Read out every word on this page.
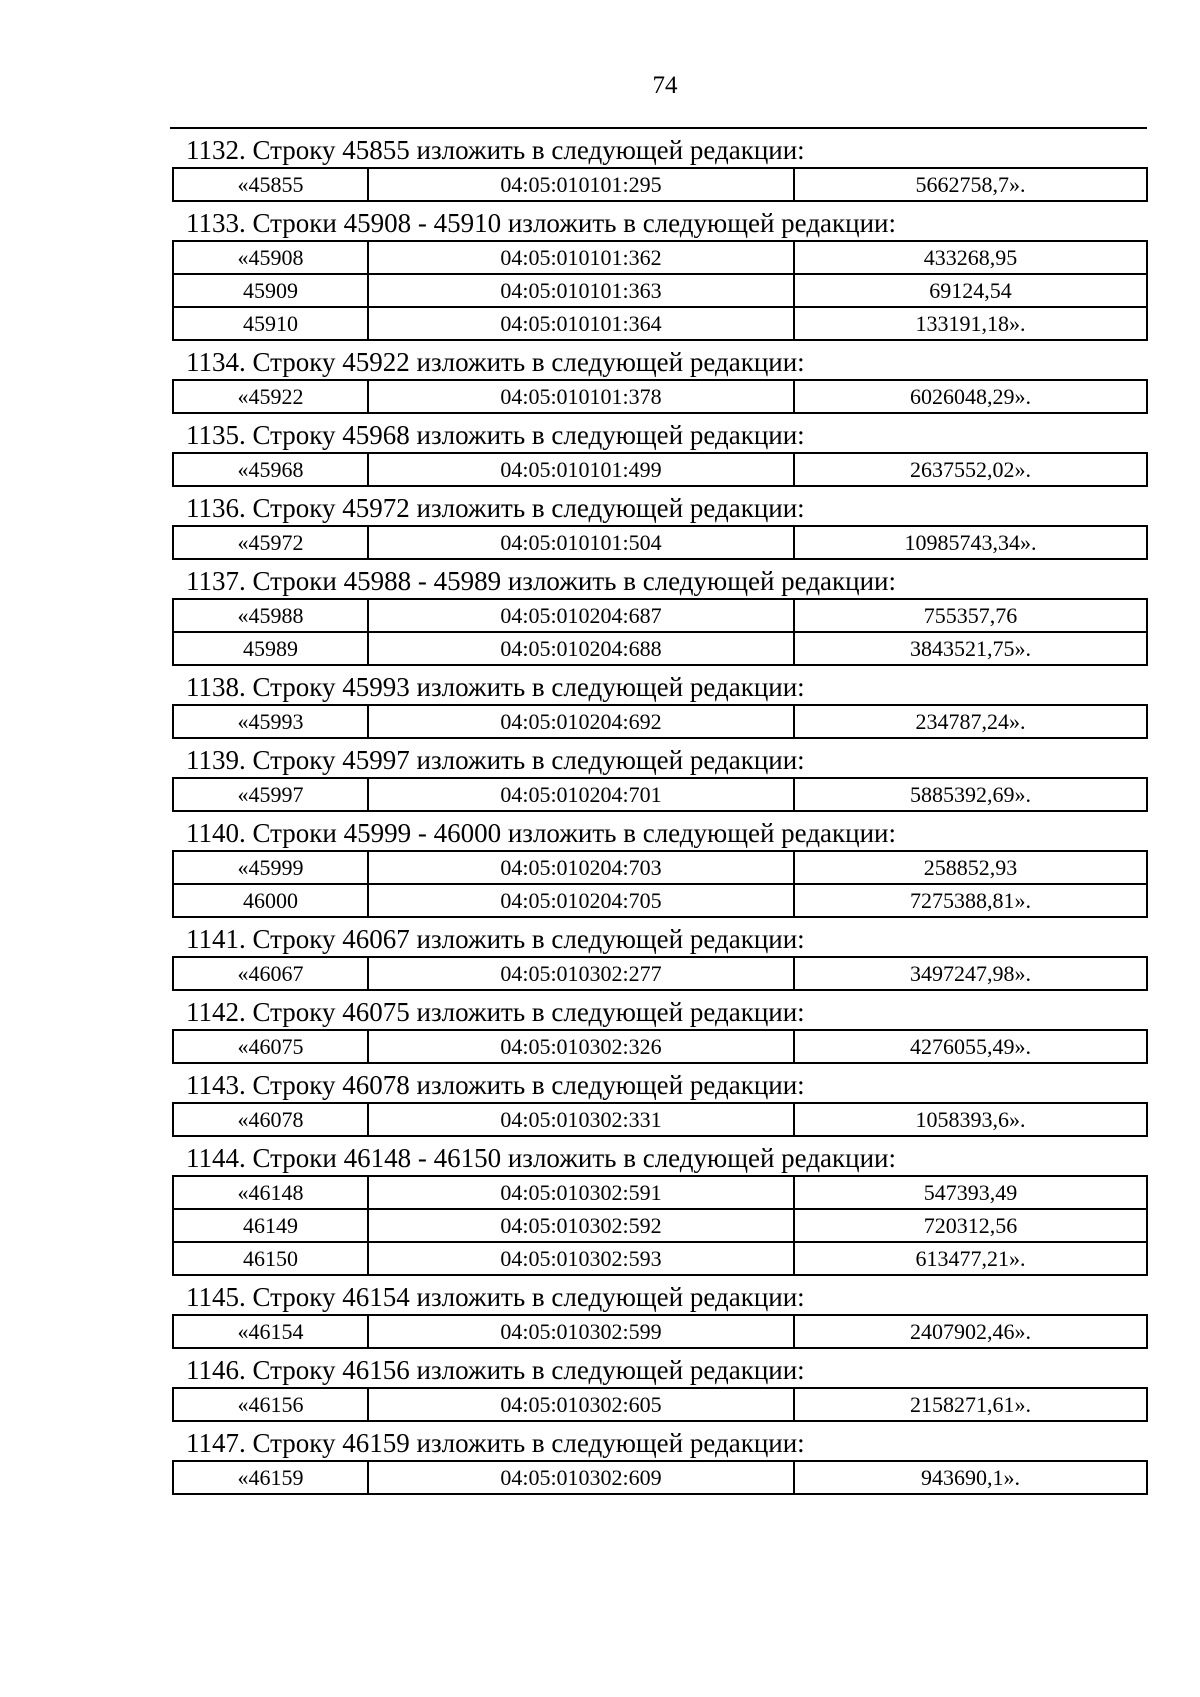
74
1132. Строку 45855 изложить в следующей редакции:
«45855	04:05:010101:295	5662758,7».
1133. Строки 45908 - 45910 изложить в следующей редакции:
«45908	04:05:010101:362	433268,95
45909	04:05:010101:363	69124,54
45910	04:05:010101:364	133191,18».
1134. Строку 45922 изложить в следующей редакции:
«45922	04:05:010101:378	6026048,29».
1135. Строку 45968 изложить в следующей редакции:
«45968	04:05:010101:499	2637552,02».
1136. Строку 45972 изложить в следующей редакции:
«45972	04:05:010101:504	10985743,34».
1137. Строки 45988 - 45989 изложить в следующей редакции:
«45988	04:05:010204:687	755357,76
45989	04:05:010204:688	3843521,75».
1138. Строку 45993 изложить в следующей редакции:
«45993	04:05:010204:692	234787,24».
1139. Строку 45997 изложить в следующей редакции:
«45997	04:05:010204:701	5885392,69».
1140. Строки 45999 - 46000 изложить в следующей редакции:
«45999	04:05:010204:703	258852,93
46000	04:05:010204:705	7275388,81».
1141. Строку 46067 изложить в следующей редакции:
«46067	04:05:010302:277	3497247,98».
1142. Строку 46075 изложить в следующей редакции:
«46075	04:05:010302:326	4276055,49».
1143. Строку 46078 изложить в следующей редакции:
«46078	04:05:010302:331	1058393,6».
1144. Строки 46148 - 46150 изложить в следующей редакции:
«46148	04:05:010302:591	547393,49
46149	04:05:010302:592	720312,56
46150	04:05:010302:593	613477,21».
1145. Строку 46154 изложить в следующей редакции:
«46154	04:05:010302:599	2407902,46».
1146. Строку 46156 изложить в следующей редакции:
«46156	04:05:010302:605	2158271,61».
1147. Строку 46159 изложить в следующей редакции:
«46159	04:05:010302:609	943690,1».
